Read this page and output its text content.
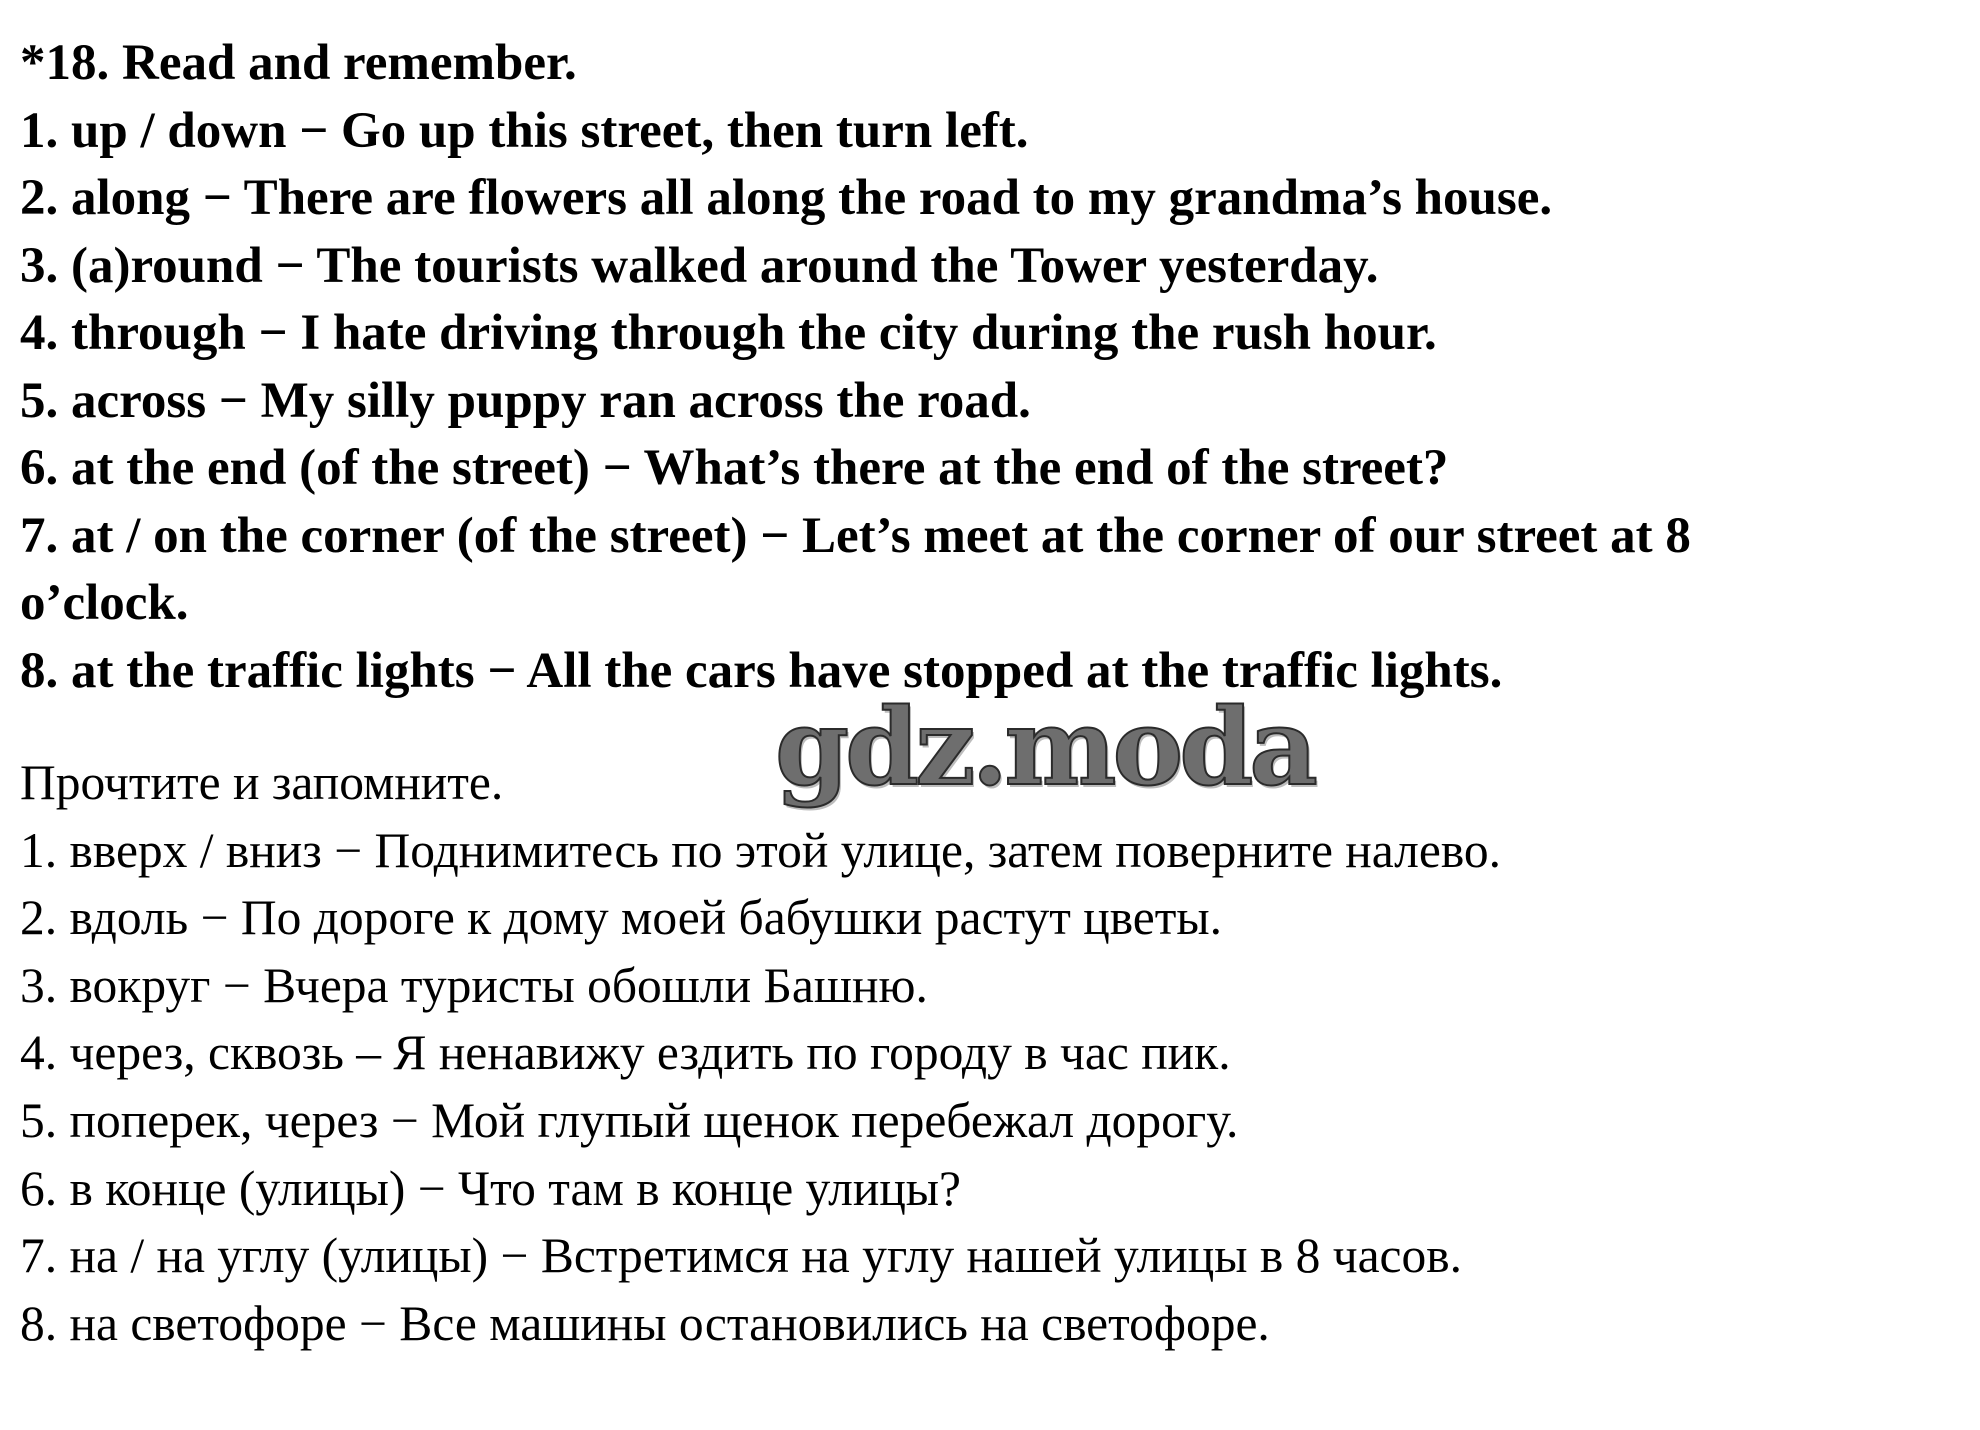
*18. Read and remember.
1. up / down − Go up this street, then turn left.
2. along − There are flowers all along the road to my grandma’s house.
3. (a)round − The tourists walked around the Tower yesterday.
4. through − I hate driving through the city during the rush hour.
5. across − My silly puppy ran across the road.
6. at the end (of the street) − What’s there at the end of the street?
7. at / on the corner (of the street) − Let’s meet at the corner of our street at 8
o’clock.
8. at the traffic lights − All the cars have stopped at the traffic lights.
gdz.moda
Прочтите и запомните.
1. вверх / вниз − Поднимитесь по этой улице, затем поверните налево.
2. вдоль − По дороге к дому моей бабушки растут цветы.
3. вокруг − Вчера туристы обошли Башню.
4. через, сквозь – Я ненавижу ездить по городу в час пик.
5. поперек, через − Мой глупый щенок перебежал дорогу.
6. в конце (улицы) − Что там в конце улицы?
7. на / на углу (улицы) − Встретимся на углу нашей улицы в 8 часов.
8. на светофоре − Все машины остановились на светофоре.
